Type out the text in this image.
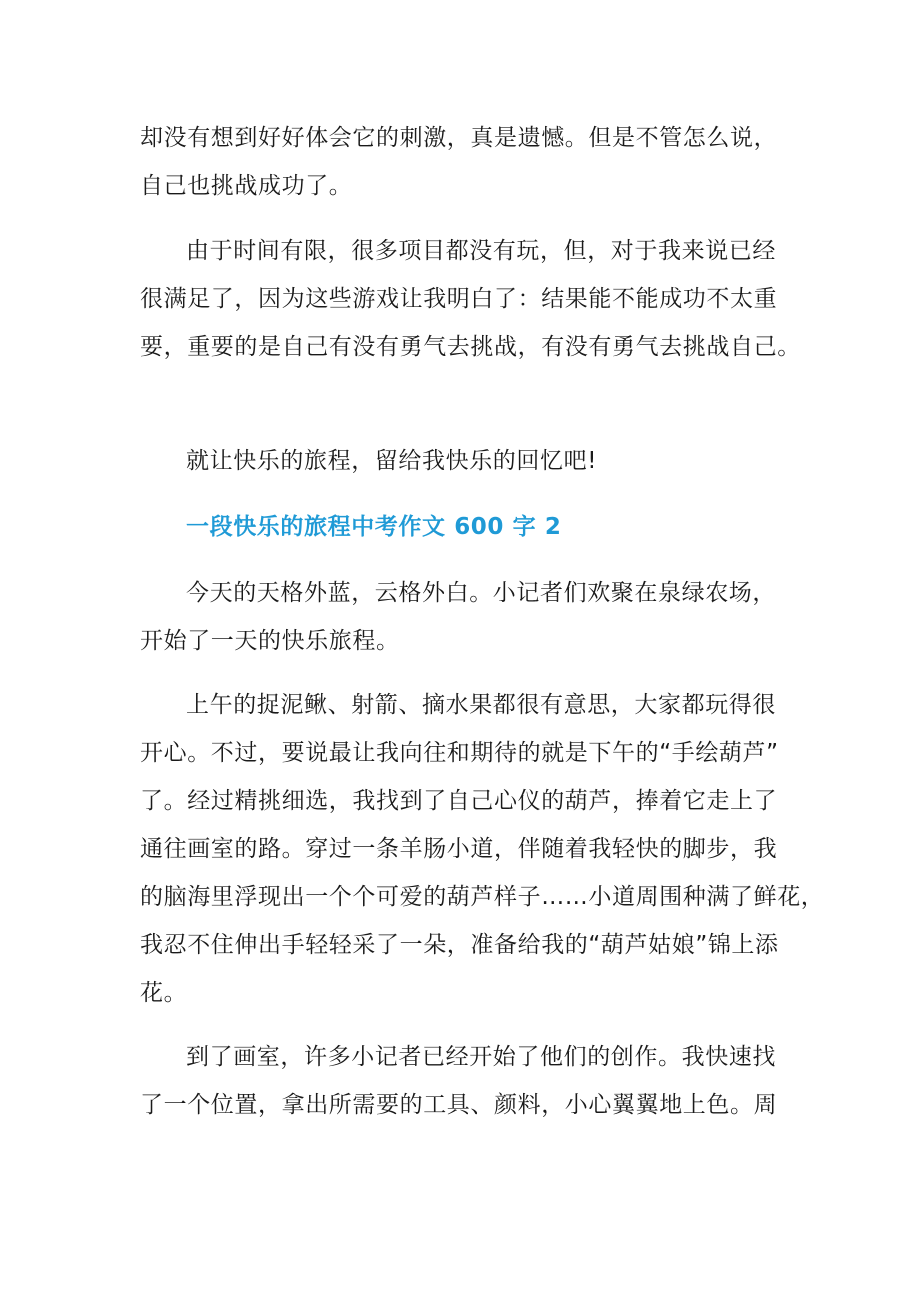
却没有想到好好体会它的刺激，真是遗憾。但是不管怎么说，
自己也挑战成功了。
由于时间有限，很多项目都没有玩，但，对于我来说已经
很满足了，因为这些游戏让我明白了：结果能不能成功不太重
要，重要的是自己有没有勇气去挑战，有没有勇气去挑战自己。
就让快乐的旅程，留给我快乐的回忆吧!
一段快乐的旅程中考作文 600 字 2
今天的天格外蓝，云格外白。小记者们欢聚在泉绿农场，
开始了一天的快乐旅程。
上午的捉泥鳅、射箭、摘水果都很有意思，大家都玩得很
开心。不过，要说最让我向往和期待的就是下午的“手绘葫芦”
了。经过精挑细选，我找到了自己心仪的葫芦，捧着它走上了
通往画室的路。穿过一条羊肠小道，伴随着我轻快的脚步，我
的脑海里浮现出一个个可爱的葫芦样子……小道周围种满了鲜花，
我忍不住伸出手轻轻采了一朵，准备给我的“葫芦姑娘”锦上添
花。
到了画室，许多小记者已经开始了他们的创作。我快速找
了一个位置，拿出所需要的工具、颜料，小心翼翼地上色。周
